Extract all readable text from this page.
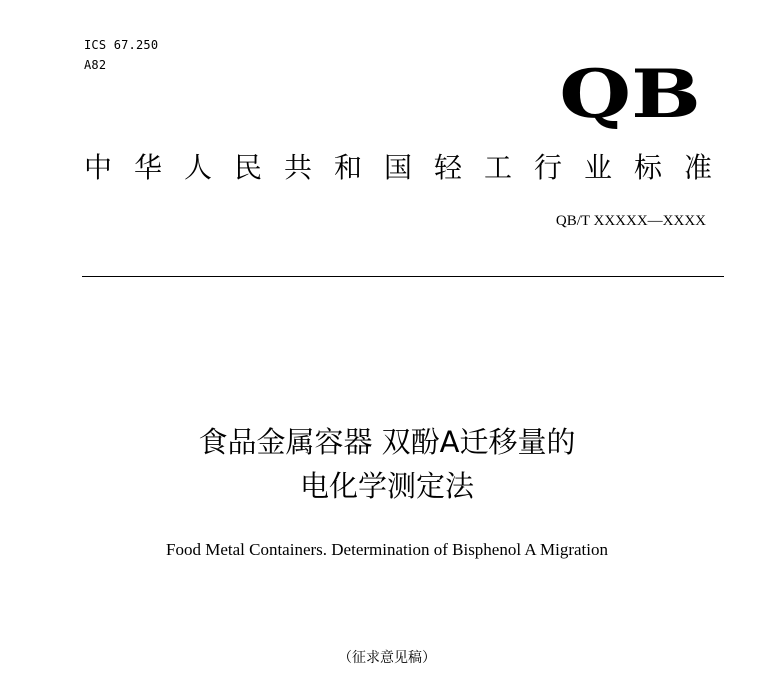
ICS 67.250
A82	QB
中华人民共和国轻工行业标准
QB/T XXXXX—XXXX
食品金属容器 双酚A迁移量的
电化学测定法
Food Metal Containers. Determination of Bisphenol A Migration
（征求意见稿）
